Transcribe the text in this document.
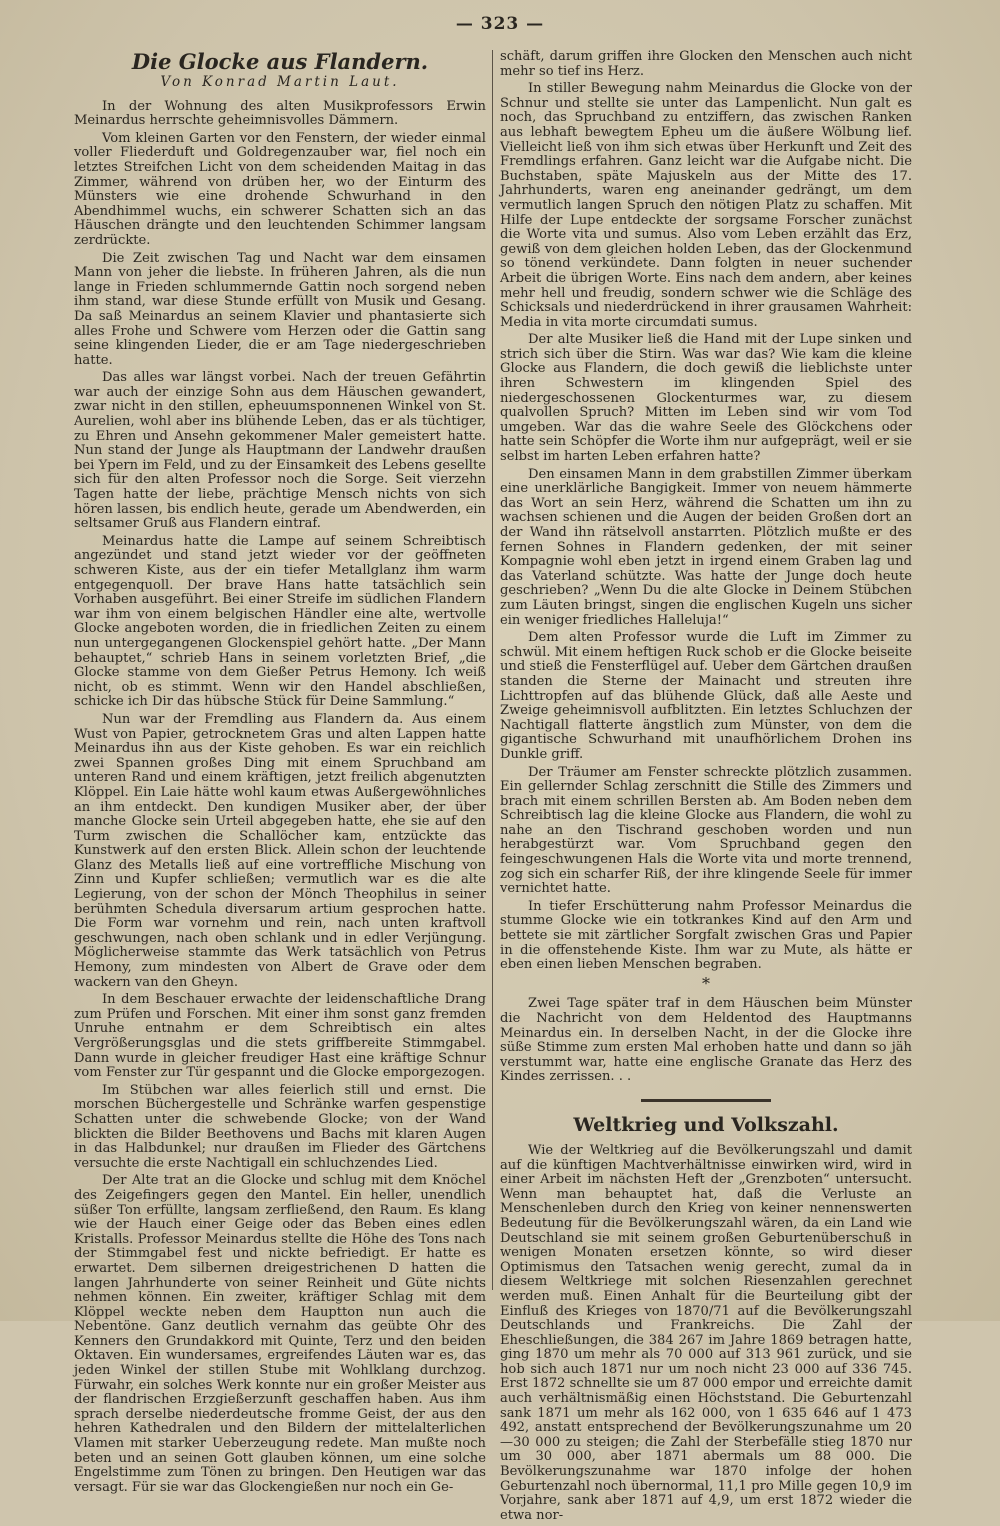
— 323 —
Die Glocke aus Flandern.
Von Konrad Martin Laut.

In der Wohnung des alten Musikprofessors Erwin Meinardus herrschte geheimnisvolles Dämmern.

Vom kleinen Garten vor den Fenstern, der wieder einmal voller Fliederduft und Goldregenzauber war, fiel noch ein letztes Streifchen Licht von dem scheidenden Maitag in das Zimmer, während von drüben her, wo der Einturm des Münsters wie eine drohende Schwurhand in den Abendhimmel wuchs, ein schwerer Schatten sich an das Häuschen drängte und den leuchtenden Schimmer langsam zerdrückte.

Die Zeit zwischen Tag und Nacht war dem einsamen Mann von jeher die liebste. In früheren Jahren, als die nun lange in Frieden schlummernde Gattin noch sorgend neben ihm stand, war diese Stunde erfüllt von Musik und Gesang. Da saß Meinardus an seinem Klavier und phantasierte sich alles Frohe und Schwere vom Herzen oder die Gattin sang seine klingenden Lieder, die er am Tage niedergeschrieben hatte.

Das alles war längst vorbei. Nach der treuen Gefährtin war auch der einzige Sohn aus dem Häuschen gewandert, zwar nicht in den stillen, epheuumsponnenen Winkel von St. Aurelien, wohl aber ins blühende Leben, das er als tüchtiger, zu Ehren und Ansehn gekommener Maler gemeistert hatte. Nun stand der Junge als Hauptmann der Landwehr draußen bei Ypern im Feld, und zu der Einsamkeit des Lebens gesellte sich für den alten Professor noch die Sorge. Seit vierzehn Tagen hatte der liebe, prächtige Mensch nichts von sich hören lassen, bis endlich heute, gerade um Abendwerden, ein seltsamer Gruß aus Flandern eintraf.

Meinardus hatte die Lampe auf seinem Schreibtisch angezündet und stand jetzt wieder vor der geöffneten schweren Kiste, aus der ein tiefer Metallglanz ihm warm entgegenquoll. Der brave Hans hatte tatsächlich sein Vorhaben ausgeführt. Bei einer Streife im südlichen Flandern war ihm von einem belgischen Händler eine alte, wertvolle Glocke angeboten worden, die in friedlichen Zeiten zu einem nun untergegangenen Glockenspiel gehört hatte. „Der Mann behauptet,“ schrieb Hans in seinem vorletzten Brief, „die Glocke stamme von dem Gießer Petrus Hemony. Ich weiß nicht, ob es stimmt. Wenn wir den Handel abschließen, schicke ich Dir das hübsche Stück für Deine Sammlung.“

Nun war der Fremdling aus Flandern da. Aus einem Wust von Papier, getrocknetem Gras und alten Lappen hatte Meinardus ihn aus der Kiste gehoben. Es war ein reichlich zwei Spannen großes Ding mit einem Spruchband am unteren Rand und einem kräftigen, jetzt freilich abgenutzten Klöppel. Ein Laie hätte wohl kaum etwas Außergewöhnliches an ihm entdeckt. Den kundigen Musiker aber, der über manche Glocke sein Urteil abgegeben hatte, ehe sie auf den Turm zwischen die Schallöcher kam, entzückte das Kunstwerk auf den ersten Blick. Allein schon der leuchtende Glanz des Metalls ließ auf eine vortreffliche Mischung von Zinn und Kupfer schließen; vermutlich war es die alte Legierung, von der schon der Mönch Theophilus in seiner berühmten Schedula diversarum artium gesprochen hatte. Die Form war vornehm und rein, nach unten kraftvoll geschwungen, nach oben schlank und in edler Verjüngung. Möglicherweise stammte das Werk tatsächlich von Petrus Hemony, zum mindesten von Albert de Grave oder dem wackern van den Gheyn.

In dem Beschauer erwachte der leidenschaftliche Drang zum Prüfen und Forschen. Mit einer ihm sonst ganz fremden Unruhe entnahm er dem Schreibtisch ein altes Vergrößerungsglas und die stets griffbereite Stimmgabel. Dann wurde in gleicher freudiger Hast eine kräftige Schnur vom Fenster zur Tür gespannt und die Glocke emporgezogen.

Im Stübchen war alles feierlich still und ernst. Die morschen Büchergestelle und Schränke warfen gespenstige Schatten unter die schwebende Glocke; von der Wand blickten die Bilder Beethovens und Bachs mit klaren Augen in das Halbdunkel; nur draußen im Flieder des Gärtchens versuchte die erste Nachtigall ein schluchzendes Lied.

Der Alte trat an die Glocke und schlug mit dem Knöchel des Zeigefingers gegen den Mantel. Ein heller, unendlich süßer Ton erfüllte, langsam zerfließend, den Raum. Es klang wie der Hauch einer Geige oder das Beben eines edlen Kristalls. Professor Meinardus stellte die Höhe des Tons nach der Stimmgabel fest und nickte befriedigt. Er hatte es erwartet. Dem silbernen dreigestrichenen D hatten die langen Jahrhunderte von seiner Reinheit und Güte nichts nehmen können. Ein zweiter, kräftiger Schlag mit dem Klöppel weckte neben dem Hauptton nun auch die Nebentöne. Ganz deutlich vernahm das geübte Ohr des Kenners den Grundakkord mit Quinte, Terz und den beiden Oktaven. Ein wundersames, ergreifendes Läuten war es, das jeden Winkel der stillen Stube mit Wohlklang durchzog. Fürwahr, ein solches Werk konnte nur ein großer Meister aus der flandrischen Erzgießerzunft geschaffen haben. Aus ihm sprach derselbe niederdeutsche fromme Geist, der aus den hehren Kathedralen und den Bildern der mittelalterlichen Vlamen mit starker Ueberzeugung redete. Man mußte noch beten und an seinen Gott glauben können, um eine solche Engelstimme zum Tönen zu bringen. Den Heutigen war das versagt. Für sie war das Glockengießen nur noch ein Ge-

schäft, darum griffen ihre Glocken den Menschen auch nicht mehr so tief ins Herz.

In stiller Bewegung nahm Meinardus die Glocke von der Schnur und stellte sie unter das Lampenlicht. Nun galt es noch, das Spruchband zu entziffern, das zwischen Ranken aus lebhaft bewegtem Epheu um die äußere Wölbung lief. Vielleicht ließ von ihm sich etwas über Herkunft und Zeit des Fremdlings erfahren. Ganz leicht war die Aufgabe nicht. Die Buchstaben, späte Majuskeln aus der Mitte des 17. Jahrhunderts, waren eng aneinander gedrängt, um dem vermutlich langen Spruch den nötigen Platz zu schaffen. Mit Hilfe der Lupe entdeckte der sorgsame Forscher zunächst die Worte vita und sumus. Also vom Leben erzählt das Erz, gewiß von dem gleichen holden Leben, das der Glockenmund so tönend verkündete. Dann folgten in neuer suchender Arbeit die übrigen Worte. Eins nach dem andern, aber keines mehr hell und freudig, sondern schwer wie die Schläge des Schicksals und niederdrückend in ihrer grausamen Wahrheit: Media in vita morte circumdati sumus.

Der alte Musiker ließ die Hand mit der Lupe sinken und strich sich über die Stirn. Was war das? Wie kam die kleine Glocke aus Flandern, die doch gewiß die lieblichste unter ihren Schwestern im klingenden Spiel des niedergeschossenen Glockenturmes war, zu diesem qualvollen Spruch? Mitten im Leben sind wir vom Tod umgeben. War das die wahre Seele des Glöckchens oder hatte sein Schöpfer die Worte ihm nur aufgeprägt, weil er sie selbst im harten Leben erfahren hatte?

Den einsamen Mann in dem grabstillen Zimmer überkam eine unerklärliche Bangigkeit. Immer von neuem hämmerte das Wort an sein Herz, während die Schatten um ihn zu wachsen schienen und die Augen der beiden Großen dort an der Wand ihn rätselvoll anstarrten. Plötzlich mußte er des fernen Sohnes in Flandern gedenken, der mit seiner Kompagnie wohl eben jetzt in irgend einem Graben lag und das Vaterland schützte. Was hatte der Junge doch heute geschrieben? „Wenn Du die alte Glocke in Deinem Stübchen zum Läuten bringst, singen die englischen Kugeln uns sicher ein weniger friedliches Halleluja!“

Dem alten Professor wurde die Luft im Zimmer zu schwül. Mit einem heftigen Ruck schob er die Glocke beiseite und stieß die Fensterflügel auf. Ueber dem Gärtchen draußen standen die Sterne der Mainacht und streuten ihre Lichttropfen auf das blühende Glück, daß alle Aeste und Zweige geheimnisvoll aufblitzten. Ein letztes Schluchzen der Nachtigall flatterte ängstlich zum Münster, von dem die gigantische Schwurhand mit unaufhörlichem Drohen ins Dunkle griff.

Der Träumer am Fenster schreckte plötzlich zusammen. Ein gellernder Schlag zerschnitt die Stille des Zimmers und brach mit einem schrillen Bersten ab. Am Boden neben dem Schreibtisch lag die kleine Glocke aus Flandern, die wohl zu nahe an den Tischrand geschoben worden und nun herabgestürzt war. Vom Spruchband gegen den feingeschwungenen Hals die Worte vita und morte trennend, zog sich ein scharfer Riß, der ihre klingende Seele für immer vernichtet hatte.

In tiefer Erschütterung nahm Professor Meinardus die stumme Glocke wie ein totkrankes Kind auf den Arm und bettete sie mit zärtlicher Sorgfalt zwischen Gras und Papier in die offenstehende Kiste. Ihm war zu Mute, als hätte er eben einen lieben Menschen begraben.

*

Zwei Tage später traf in dem Häuschen beim Münster die Nachricht von dem Heldentod des Hauptmanns Meinardus ein. In derselben Nacht, in der die Glocke ihre süße Stimme zum ersten Mal erhoben hatte und dann so jäh verstummt war, hatte eine englische Granate das Herz des Kindes zerrissen. . .

Weltkrieg und Volkszahl.

Wie der Weltkrieg auf die Bevölkerungszahl und damit auf die künftigen Machtverhältnisse einwirken wird, wird in einer Arbeit im nächsten Heft der „Grenzboten“ untersucht. Wenn man behauptet hat, daß die Verluste an Menschenleben durch den Krieg von keiner nennenswerten Bedeutung für die Bevölkerungszahl wären, da ein Land wie Deutschland sie mit seinem großen Geburtenüberschuß in wenigen Monaten ersetzen könnte, so wird dieser Optimismus den Tatsachen wenig gerecht, zumal da in diesem Weltkriege mit solchen Riesenzahlen gerechnet werden muß. Einen Anhalt für die Beurteilung gibt der Einfluß des Krieges von 1870/71 auf die Bevölkerungszahl Deutschlands und Frankreichs. Die Zahl der Eheschließungen, die 384 267 im Jahre 1869 betragen hatte, ging 1870 um mehr als 70 000 auf 313 961 zurück, und sie hob sich auch 1871 nur um noch nicht 23 000 auf 336 745. Erst 1872 schnellte sie um 87 000 empor und erreichte damit auch verhältnismäßig einen Höchststand. Die Geburtenzahl sank 1871 um mehr als 162 000, von 1 635 646 auf 1 473 492, anstatt entsprechend der Bevölkerungszunahme um 20—30 000 zu steigen; die Zahl der Sterbefälle stieg 1870 nur um 30 000, aber 1871 abermals um 88 000. Die Bevölkerungszunahme war 1870 infolge der hohen Geburtenzahl noch übernormal, 11,1 pro Mille gegen 10,9 im Vorjahre, sank aber 1871 auf 4,9, um erst 1872 wieder die etwa nor-
